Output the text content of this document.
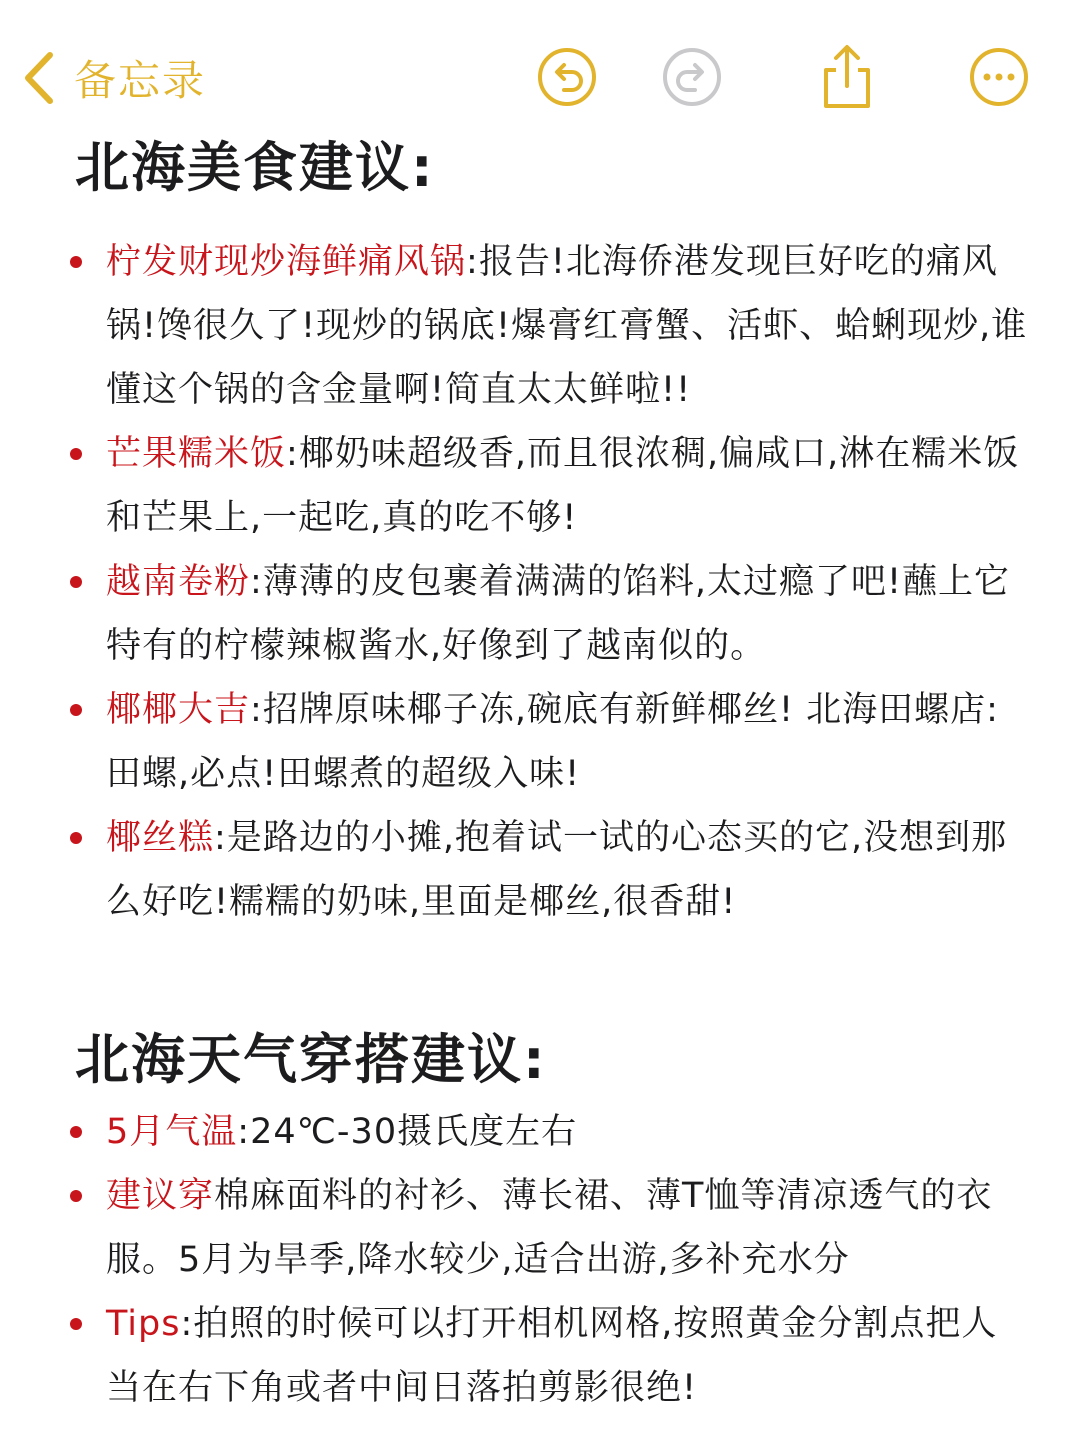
备忘录
北海美食建议:
柠发财现炒海鲜痛风锅:报告!北海侨港发现巨好吃的痛风锅!馋很久了!现炒的锅底!爆膏红膏蟹、活虾、蛤蜊现炒,谁懂这个锅的含金量啊!简直太太鲜啦!!
芒果糯米饭:椰奶味超级香,而且很浓稠,偏咸口,淋在糯米饭和芒果上,一起吃,真的吃不够!
越南卷粉:薄薄的皮包裹着满满的馅料,太过瘾了吧!蘸上它特有的柠檬辣椒酱水,好像到了越南似的。
椰椰大吉:招牌原味椰子冻,碗底有新鲜椰丝! 北海田螺店:田螺,必点!田螺煮的超级入味!
椰丝糕:是路边的小摊,抱着试一试的心态买的它,没想到那么好吃!糯糯的奶味,里面是椰丝,很香甜!
北海天气穿搭建议:
5月气温:24℃-30摄氏度左右
建议穿棉麻面料的衬衫、薄长裙、薄T恤等清凉透气的衣服。5月为旱季,降水较少,适合出游,多补充水分
Tips:拍照的时候可以打开相机网格,按照黄金分割点把人当在右下角或者中间日落拍剪影很绝!
